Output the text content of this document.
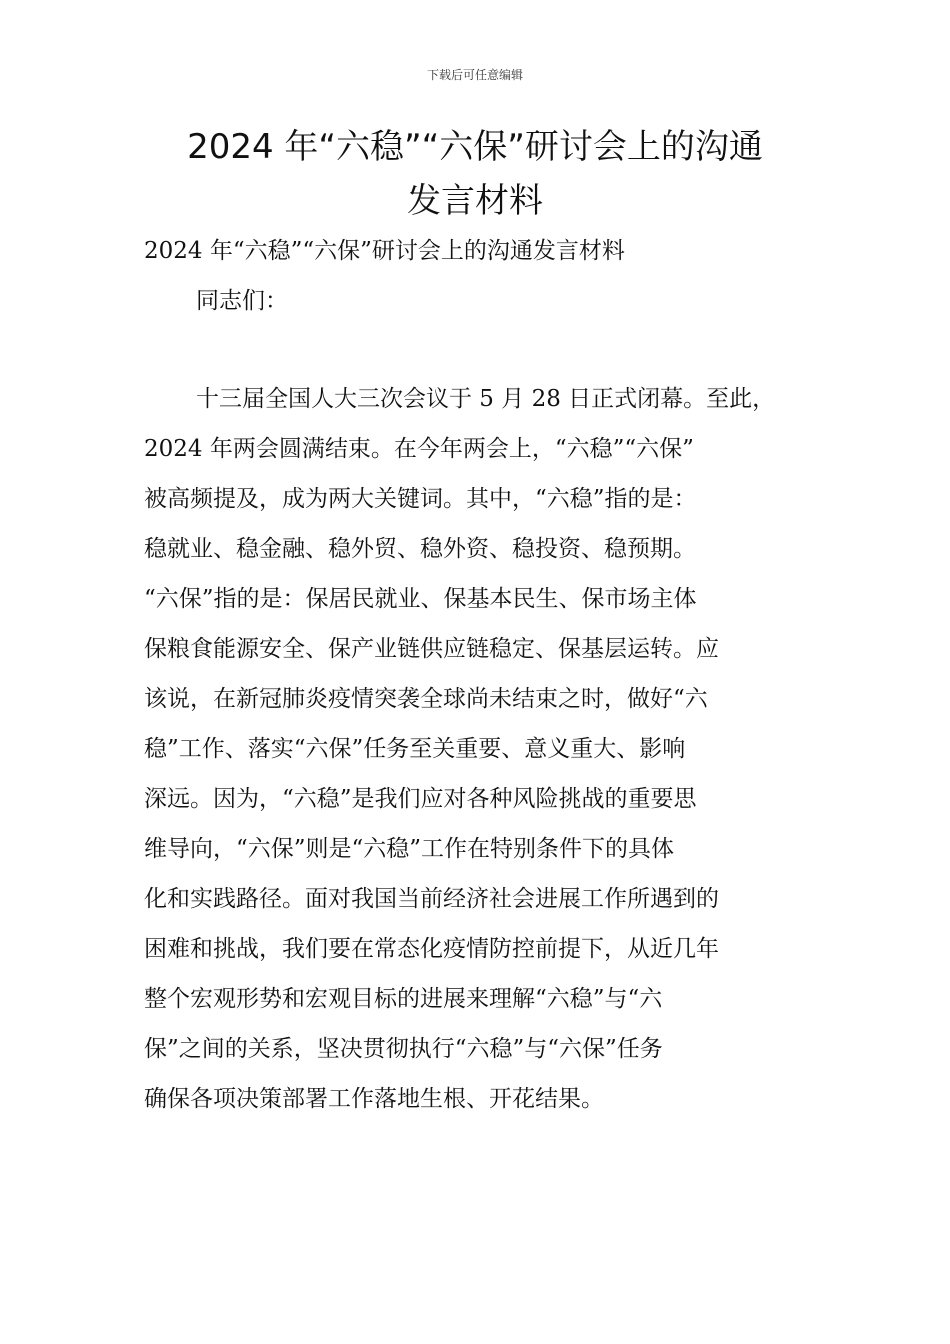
下载后可任意编辑
2024 年“六稳”“六保”研讨会上的沟通
发言材料
2024 年“六稳”“六保”研讨会上的沟通发言材料
同志们：
十三届全国人大三次会议于 5 月 28 日正式闭幕。至此，
2024 年两会圆满结束。在今年两会上，“六稳”“六保”
被高频提及，成为两大关键词。其中，“六稳”指的是：
稳就业、稳金融、稳外贸、稳外资、稳投资、稳预期。
“六保”指的是：保居民就业、保基本民生、保市场主体
保粮食能源安全、保产业链供应链稳定、保基层运转。应
该说，在新冠肺炎疫情突袭全球尚未结束之时，做好“六
稳”工作、落实“六保”任务至关重要、意义重大、影响
深远。因为，“六稳”是我们应对各种风险挑战的重要思
维导向，“六保”则是“六稳”工作在特别条件下的具体
化和实践路径。面对我国当前经济社会进展工作所遇到的
困难和挑战，我们要在常态化疫情防控前提下，从近几年
整个宏观形势和宏观目标的进展来理解“六稳”与“六
保”之间的关系，坚决贯彻执行“六稳”与“六保”任务
确保各项决策部署工作落地生根、开花结果。
